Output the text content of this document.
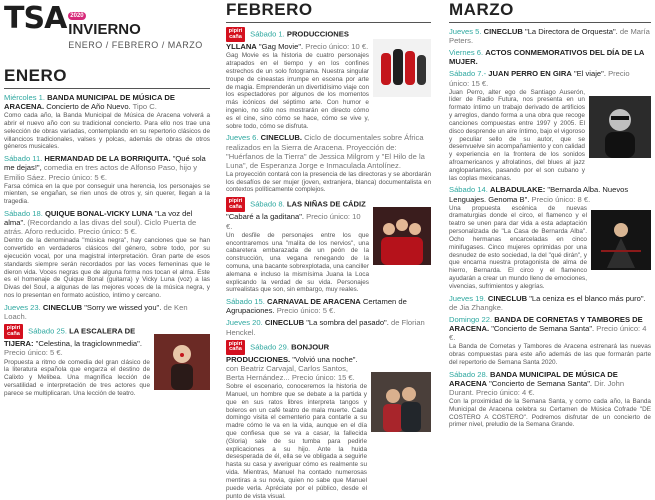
TSA 2020
INVIERNO
ENERO / FEBRERO / MARZO
ENERO
Miércoles 1. BANDA MUNICIPAL DE MÚSICA DE ARACENA. Concierto de Año Nuevo. Tipo C.
Como cada año, la Banda Municipal de Música de Aracena volverá a abrir el nuevo año con su tradicional concierto. Para ello nos trae una selección de obras variadas, contemplando en su repertorio clásicos de villancicos tradicionales, valses y polcas, además de obras de otros géneros musicales.
Sábado 11. HERMANDAD DE LA BORRIQUITA. "Qué sola me dejas!", comedia en tres actos de Alfonso Paso, hijo y Emilio Sáez. Precio único: 5 €.
Farsa cómica en la que por conseguir una herencia, los personajes se mienten, se engañan, se rien unos de otros y, sin querer, llegan a la tragedia.
Sábado 18. QUIQUE BONAL-VICKY LUNA "La voz del alma". (Recordando a las divas del soul). Ciclo Puerta de atrás. Aforo reducido. Precio único: 5 €.
Dentro de la denominada "música negra", hay canciones que se han convertido en verdaderos clásicos del género, sobre todo, por su ejecución vocal, por una magistral interpretación. Gran parte de esos standards siempre serán recordados por las voces femeninas que le dieron vida. Voces negras que de alguna forma nos tocan el alma. Este es el homenaje de Quique Bonal (guitarra) y Vicky Luna (voz) a las Divas del Soul, a algunas de las mejores voces de la música negra, y nos lo presentan en formato acústico, íntimo y cercano.
Jueves 23. CINECLUB "Sorry we wissed you". de Ken Loach.
pipiri
caña Sábado 25. LA ESCALERA DE TIJERA: "Celestina, la tragiclownmedia". Precio único: 5 €.
Propuesta a ritmo de comedia del gran clásico de la literatura española que engarza el destino de Calixto y Melibea. Una magnífica lección de versatilidad e interpretación de tres actores que parece se multiplicaran. Una lección de teatro.
FEBRERO
pipiri
caña Sábado 1. PRODUCCIONES YLLANA "Gag Movie". Precio único: 10 €.
Gag Movie es la historia de cuatro personajes atrapados en el tiempo y en los confines estrechos de un solo fotograma. Nuestra singular troupe de cineastas irrumpe en escena por arte de magia. Emprenderán un divertidísimo viaje con los espectadores por algunos de los momentos más icónicos del séptimo arte. Con humor e ingenio, no sólo nos mostrarán en directo cómo es el cine, sino cómo se hace, cómo se vive y, sobre todo, cómo se disfruta.
Jueves 6. CINECLUB. Ciclo de documentales sobre África realizados en la Sierra de Aracena. Proyección de: "Huérfanos de la Tierra" de Jessica Milgrom y "El Hilo de la Luna", de Esperanza Jorge e Inmaculada Antolínez.
La proyección contará con la presencia de las directoras y se abordarán los desafíos de ser mujer (joven, extranjera, blanca) documentalista en contextos políticamente complejos.
pipiri
caña Sábado 8. LAS NIÑAS DE CÁDIZ "Cabaré a la gaditana". Precio único: 10 €.
Un desfile de personajes entre los que encontraremos una "malita de los nervios", una cabaretera embarazada de un peón de la construcción, una vegana renegando de la comuna, una bacante sobrexplotada, una canciller alemana e incluso la mismísima Juana la Loca explicando la verdad de su vida. Personajes surrealistas que son, sin embargo, muy reales.
Sábado 15. CARNAVAL DE ARACENA Certamen de Agrupaciones. Precio único: 5 €.
Jueves 20. CINECLUB "La sombra del pasado". de Florian Henckel.
pipiri
caña Sábado 29. BONJOUR PRODUCCIONES. "Volvió una noche". con Beatriz Carvajal, Carlos Santos, Berta Hernández... Precio único: 15 €.
Sobre el escenario, conoceremos la historia de Manuel, un hombre que se debate a la partida y que en sus ratos libres interpreta tangos y boleros en un café teatro de mala muerte. Cada domingo visita el cementerio para contarle a su madre cómo le va en la vida, aunque en el día que confiesa que se va a casar, la fallecida (Gloria) sale de su tumba para pedirle explicaciones a su hijo. Ante la huida desesperada de él, ella se ve obligada a seguirle hasta su casa y averiguar cómo es realmente su vida. Mientras, Manuel ha contado numerosas mentiras a su novia, quien no sabe que Manuel puede verla. Apréciate por el público, desde el punto de vista visual.
MARZO
Jueves 5. CINECLUB "La Directora de Orquesta". de María Peters.
Viernes 6. ACTOS CONMEMORATIVOS DEL DÍA DE LA MUJER.
Sábado 7.- JUAN PERRO EN GIRA "El viaje". Precio único: 15 €.
Juan Perro, alter ego de Santiago Auserón, líder de Radio Futura, nos presenta en un formato íntimo un trabajo derivado de artificios y arreglos, dando forma a una obra que recoge canciones compuestas entre 1997 y 2005. El disco desprende un aire íntimo, bajo el vigoroso y peculiar sello de su autor, que se desenvuelve sin acompañamiento y con calidad y experiencia en la frontera de los sonidos afroamericanos y afrolatinos, del blues al jazz angloparlantes, pasando por el son cubano y las coplas mexicanas.
Sábado 14. ALBADULAKE: "Bernarda Alba. Nuevos Lenguajes. Genoma B". Precio único: 8 €.
Una propuesta escénica de nuevas dramaturgias donde el circo, el flamenco y el teatro se unen para dar vida a esta adaptación personalizada de "La Casa de Bernarda Alba". Ocho hermanas encarceladas en cinco minifugases. Cinco mujeres oprimidas por una desnudez de esto sociedad, la del "qué dirán", y que encarna nuestra protagonista de alma de hierro, Bernarda. El circo y el flamenco ayudarán a crear un mundo lleno de emociones, vivencias, sufrimientos y alegrías.
Jueves 19. CINECLUB "La ceniza es el blanco más puro". de Jia Zhangke.
Domingo 22. BANDA DE CORNETAS Y TAMBORES DE ARACENA. "Concierto de Semana Santa". Precio único: 4 €.
La Banda de Cornetas y Tambores de Aracena estrenará las nuevas obras compuestas para este año además de las que formarán parte del repertorio de Semana Santa 2020.
Sábado 28. BANDA MUNICIPAL DE MÚSICA DE ARACENA "Concierto de Semana Santa". Dir. John Durant. Precio único: 4 €.
Con la proximidad de la Semana Santa, y como cada año, la Banda Municipal de Aracena celebra su Certamen de Música Cofrade "DE COSTERO A COSTERO". Podremos disfrutar de un concierto de primer nivel, preludio de la Semana Grande.
